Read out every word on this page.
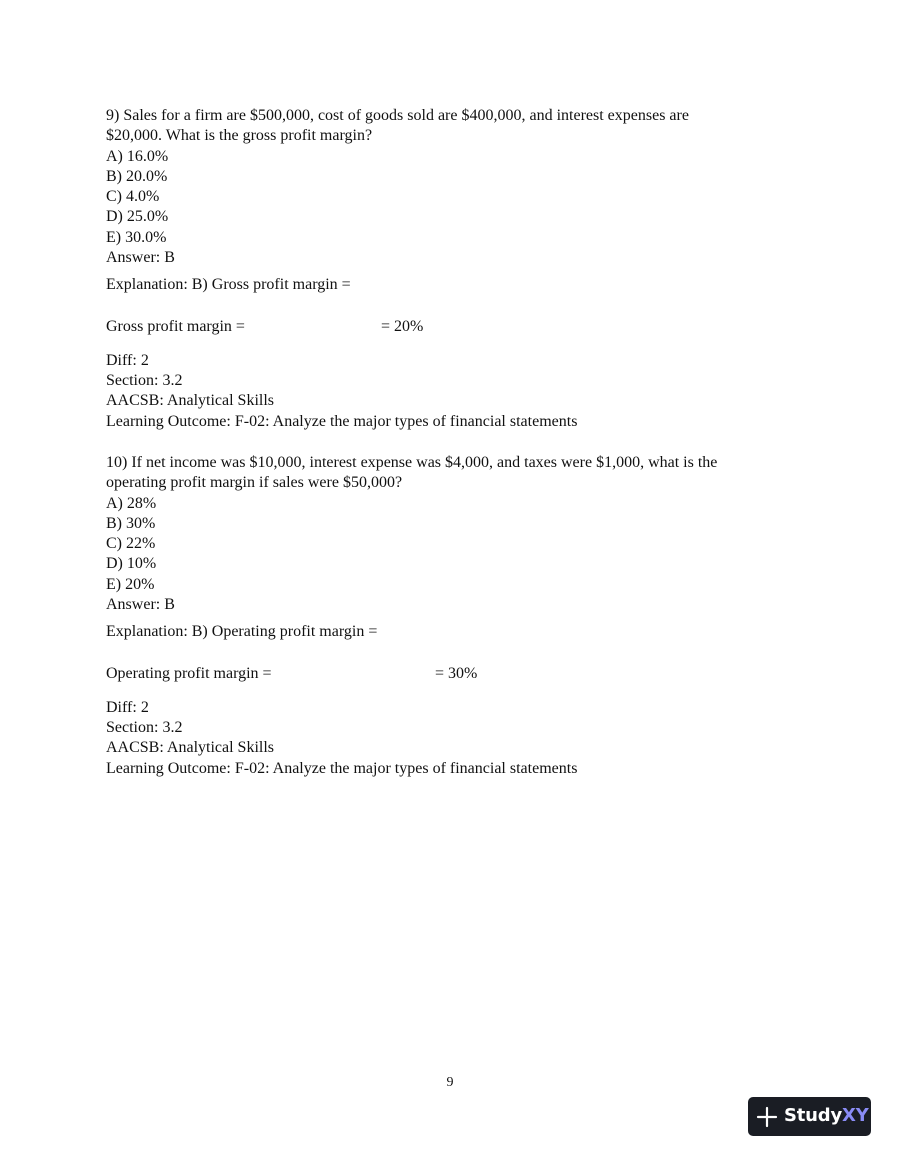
9) Sales for a firm are $500,000, cost of goods sold are $400,000, and interest expenses are
$20,000. What is the gross profit margin?
A) 16.0%
B) 20.0%
C) 4.0%
D) 25.0%
E) 30.0%
Answer: B
Explanation: B) Gross profit margin =
Gross profit margin =	= 20%
Diff: 2
Section: 3.2
AACSB: Analytical Skills
Learning Outcome: F-02: Analyze the major types of financial statements
10) If net income was $10,000, interest expense was $4,000, and taxes were $1,000, what is the
operating profit margin if sales were $50,000?
A) 28%
B) 30%
C) 22%
D) 10%
E) 20%
Answer: B
Explanation: B) Operating profit margin =
Operating profit margin =	= 30%
Diff: 2
Section: 3.2
AACSB: Analytical Skills
Learning Outcome: F-02: Analyze the major types of financial statements
9
StudyXY
